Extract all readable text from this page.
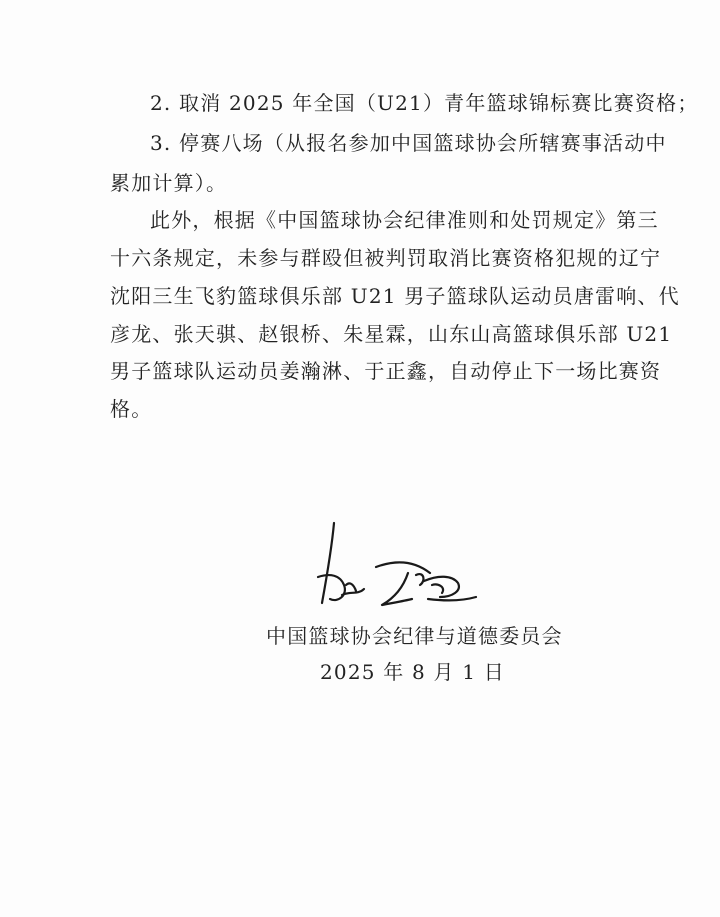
2. 取消 2025 年全国（U21）青年篮球锦标赛比赛资格；
3. 停赛八场（从报名参加中国篮球协会所辖赛事活动中
累加计算）。
此外，根据《中国篮球协会纪律准则和处罚规定》第三
十六条规定，未参与群殴但被判罚取消比赛资格犯规的辽宁
沈阳三生飞豹篮球俱乐部 U21 男子篮球队运动员唐雷响、代
彦龙、张天骐、赵银桥、朱星霖，山东山高篮球俱乐部 U21
男子篮球队运动员姜瀚淋、于正鑫，自动停止下一场比赛资
格。
中国篮球协会纪律与道德委员会
2025 年 8 月 1 日
